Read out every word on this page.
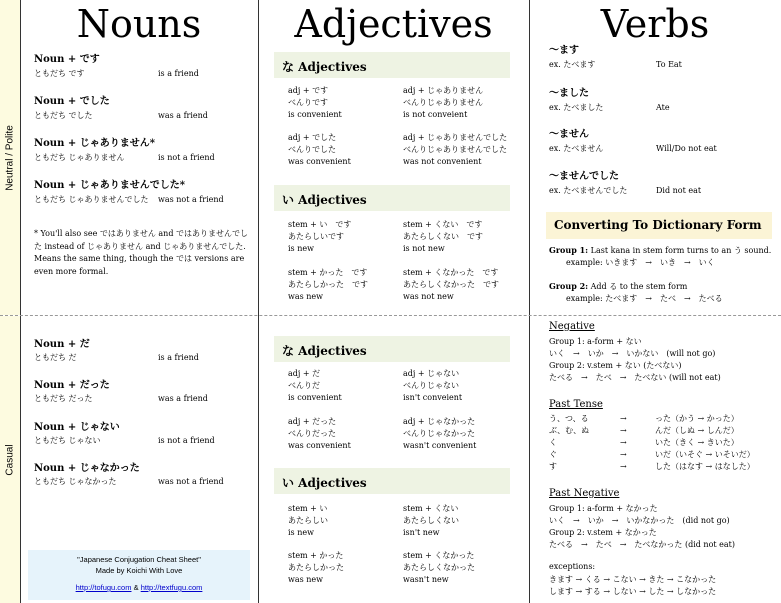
Neutral / Polite
Casual
Nouns	Adjectives	Verbs
Noun + です
ともだち です	is a friend
Noun + でした
ともだち でした	was a friend
Noun + じゃありません*
ともだち じゃありません	is not a friend
Noun + じゃありませんでした*
ともだち じゃありませんでした was not a friend
* You'll also see ではありません and ではありませんでした instead of じゃありません and じゃありませんでした. Means the same thing, though the では versions are even more formal.
Noun + だ
ともだち だ	is a friend
Noun + だった
ともだち だった	was a friend
Noun + じゃない
ともだち じゃない	is not a friend
Noun + じゃなかった
ともだち じゃなかった	was not a friend
"Japanese Conjugation Cheat Sheet"
Made by Koichi With Love
http://tofugu.com & http://textfugu.com
な Adjectives
い Adjectives
な Adjectives
い Adjectives
adj + です
べんりです
is convenient
adj + じゃありません
べんりじゃありません
is not conveient
adj + でした
べんりでした
was convenient
adj + じゃありませんでした
べんりじゃありませんでした
was not convenient
stem + い　です
あたらしいです
is new
stem + くない　です
あたらしくない　です
is not new
stem + かった　です
あたらしかった　です
was new
stem + くなかった　です
あたらしくなかった　です
was not new
adj + だ
べんりだ
is convenient
adj + じゃない
べんりじゃない
isn't conveient
adj + だった
べんりだった
was convenient
adj + じゃなかった
べんりじゃなかった
wasn't convenient
stem + い
あたらしい
is new
stem + くない
あたらしくない
isn't new
stem + かった
あたらしかった
was new
stem + くなかった
あたらしくなかった
wasn't new
〜ます
ex. たべます	To Eat
〜ました
ex. たべました	Ate
〜ません
ex. たべません	Will/Do not eat
〜ませんでした
ex. たべませんでした	Did not eat
Converting To Dictionary Form
Group 1: Last kana in stem form turns to an う sound.
example: いきます　→　いき　→　いく
Group 2: Add る to the stem form
example: たべます　→　たべ　→　たべる
Negative
Group 1: a-form + ない
いく　→　いか　→　いかない　(will not go)
Group 2: v.stem + ない (たべない)
たべる　→　たべ　→　たべない (will not eat)
Past Tense
う、つ、る	→	った（かう → かった）
ぶ、む、ぬ	→	んだ（しぬ → しんだ）
く	→	いた（きく → きいた）
ぐ	→	いだ（いそぐ → いそいだ）
す	→	した（はなす → はなした）
Past Negative
Group 1: a-form + なかった
いく　→　いか　→　いかなかった　(did not go)
Group 2: v.stem + なかった
たべる　→　たべ　→　たべなかった (did not eat)
exceptions:
きます → くる → こない → きた → こなかった
します → する → しない → した → しなかった
